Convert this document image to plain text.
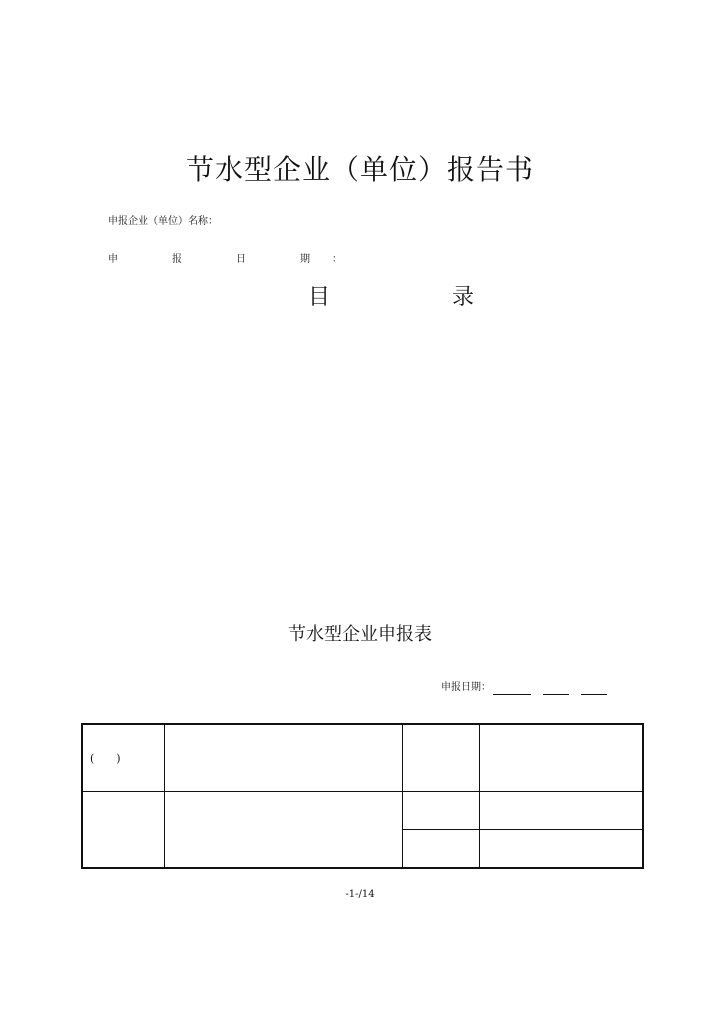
节水型企业（单位）报告书
申报企业（单位）名称：
申　报　日　期：
目　录
节水型企业申报表
申报日期：
(　　)			

-1-/14
